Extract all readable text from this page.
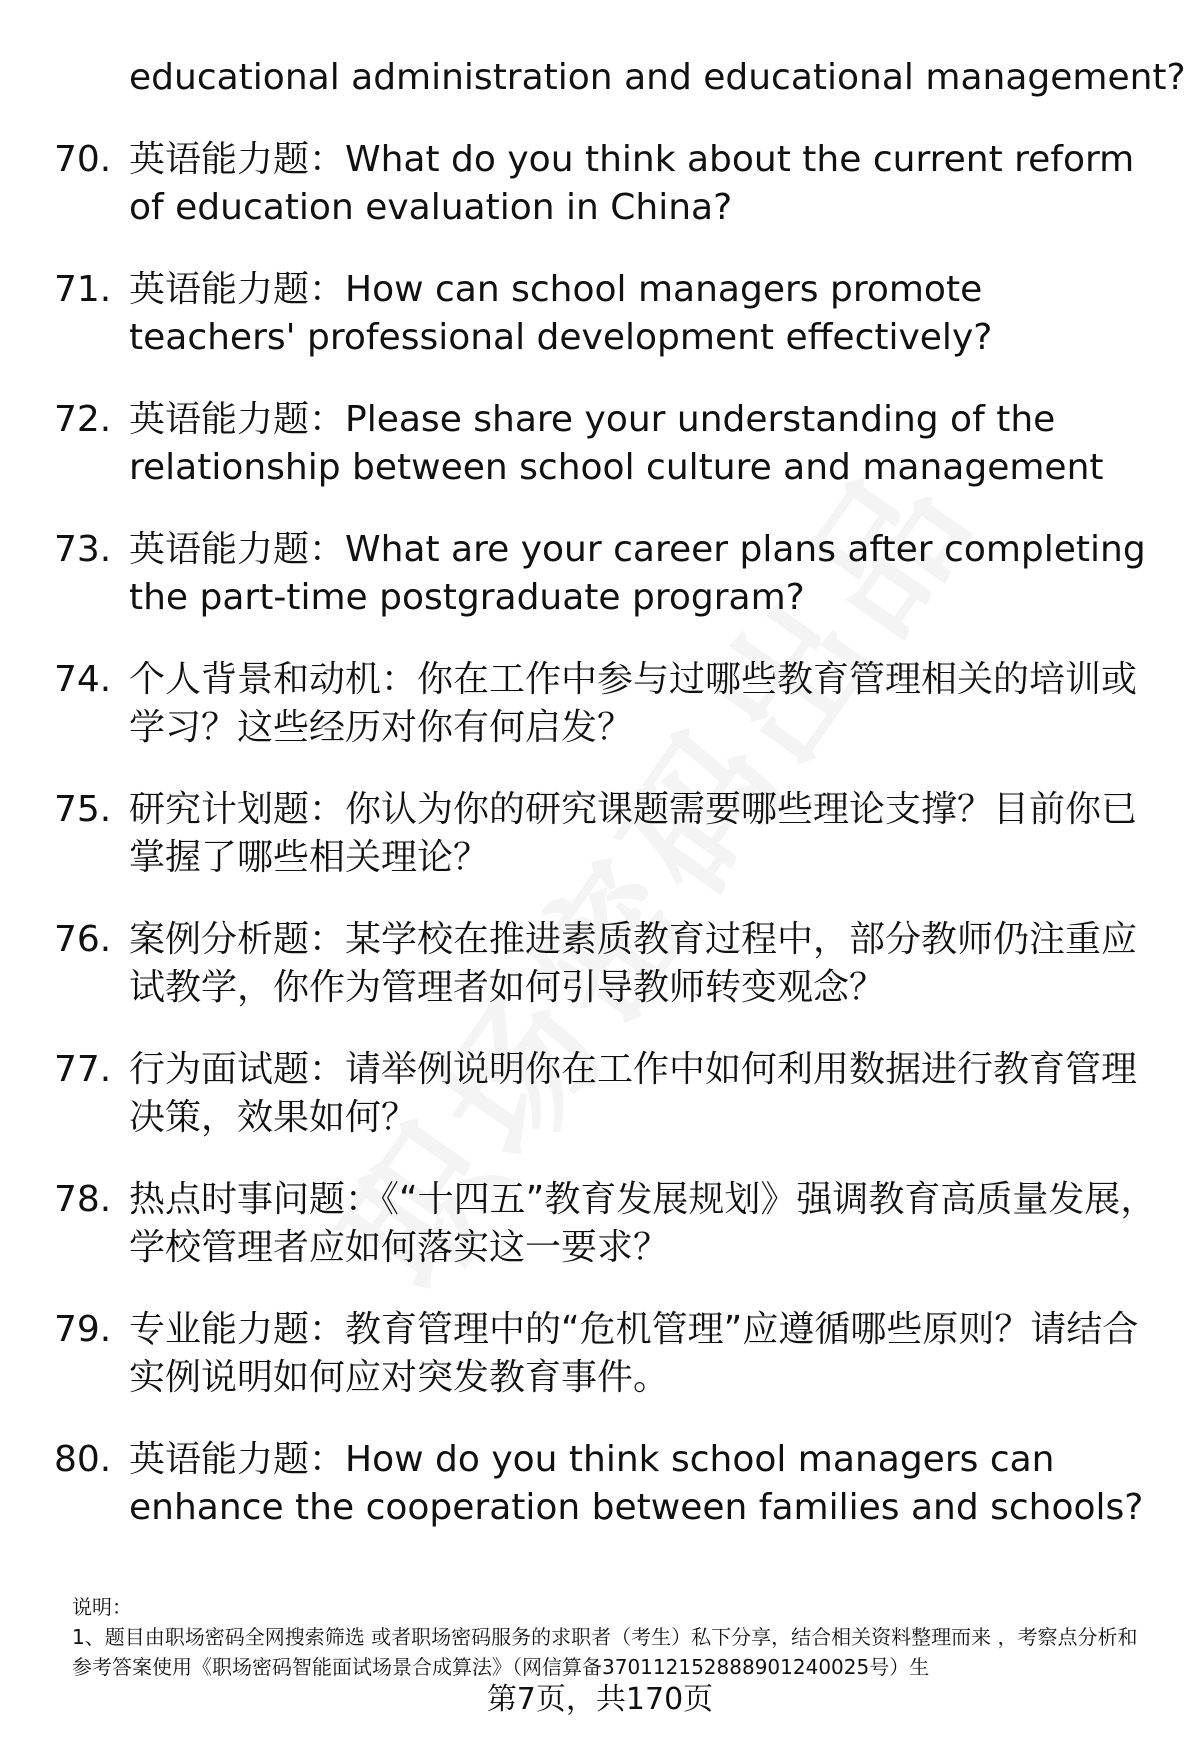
educational administration and educational management?
70. 英语能力题：What do you think about the current reform of education evaluation in China?
71. 英语能力题：How can school managers promote teachers' professional development effectively?
72. 英语能力题：Please share your understanding of the relationship between school culture and management
73. 英语能力题：What are your career plans after completing the part-time postgraduate program?
74. 个人背景和动机：你在工作中参与过哪些教育管理相关的培训或学习？这些经历对你有何启发？
75. 研究计划题：你认为你的研究课题需要哪些理论支撑？目前你已掌握了哪些相关理论？
76. 案例分析题：某学校在推进素质教育过程中，部分教师仍注重应试教学，你作为管理者如何引导教师转变观念？
77. 行为面试题：请举例说明你在工作中如何利用数据进行教育管理决策，效果如何？
78. 热点时事问题：《“十四五”教育发展规划》强调教育高质量发展，学校管理者应如何落实这一要求？
79. 专业能力题：教育管理中的“危机管理”应遵循哪些原则？请结合实例说明如何应对突发教育事件。
80. 英语能力题：How do you think school managers can enhance the cooperation between families and schools?
说明：
1、题目由职场密码全网搜索筛选 或者职场密码服务的求职者（考生）私下分享，结合相关资料整理而来 ，考察点分析和参考答案使用《职场密码智能面试场景合成算法》（网信算备370112152888901240025号）生
第7页，共170页
